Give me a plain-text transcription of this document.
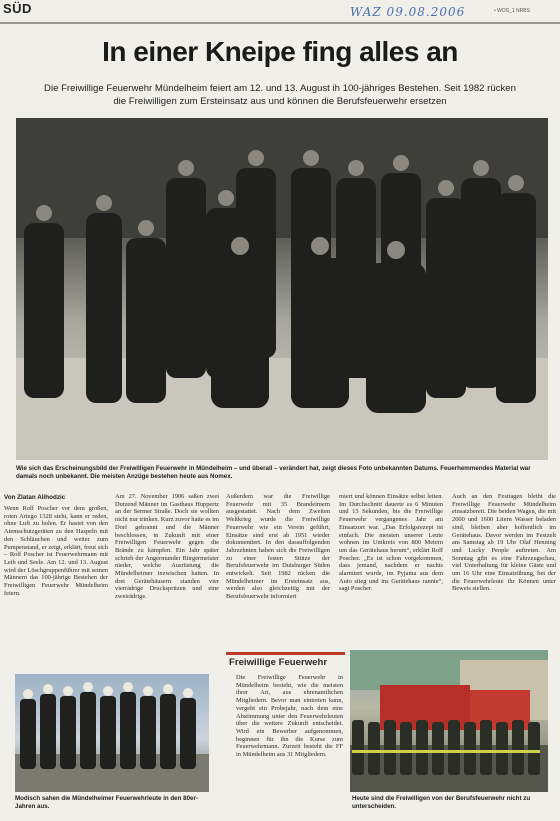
SÜD	WAZ 09.08.2006	• WOS_1 NRBS
In einer Kneipe fing alles an
Die Freiwillige Feuerwehr Mündelheim feiert am 12. und 13. August ih 100-jähriges Bestehen. Seit 1982 rücken die Freiwilligen zum Ersteinsatz aus und können die Berufsfeuerwehr ersetzen
Wie sich das Erscheinungsbild der Freiwilligen Feuerwehr in Mündelheim – und überall – verändert hat, zeigt dieses Foto unbekannten Datums. Feuerhemmendes Material war damals noch unbekannt. Die meisten Anzüge bestehen heute aus Nomex.
Von Zlatan Alihodzic

Wenn Rolf Poscher vor dem großen, roten Artego 1328 steht, kann er reden, ohne Luft zu holen. Er hastet von den Atemschutzgeräten zu den Haspeln mit den Schläuchen und weiter zum Pumpenstand, er zeigt, erklärt, freut sich – Rolf Poscher ist Feuerwehrmann mit Leib und Seele. Am 12. und 13. August wird der Löschgruppenführer mit seinen Männern das 100-jährige Bestehen der Freiwilligen Feuerwehr Mündelheim feiern.

Am 27. November 1906 saßen zwei Dutzend Männer im Gasthaus Huppertz an der Sermer Straße. Doch sie wollten nicht nur trinken. Kurz zuvor hatte es im Dorf gebrannt und die Männer beschlossen, in Zukunft mit einer Freiwilligen Feuerwehr gegen die Brände zu kämpfen. Ein Jahr später schrieb der Angermunder Bürgermeister nieder, welche Ausrüstung die Mündelheimer inzwischen hatten. In drei Gerätehäusern standen vier vierrädrige Druckspritzen und eine zweirädrige.

Außerdem war die Freiwillige Feuerwehr mit 35 Brandeimern ausgestattet. Nach dem Zweiten Weltkrieg wurde die Freiwillige Feuerwehr wie ein Verein geführt, Einsätze sind erst ab 1951 wieder dokumentiert. In den darauffolgenden Jahrzehnten haben sich die Freiwilligen zu einer festen Stütze der Berufsfeuerwehr im Duisburger Süden entwickelt. Seit 1982 rücken die Mündelheimer im Ersteinsatz aus, werden also gleichzeitig mit der Berufsfeuerwehr informiert

miert und können Einsätze selbst leiten. Im Durchschnitt dauerte es 6 Minuten und 15 Sekunden, bis die Freiwillige Feuerwehr vergangenes Jahr am Einsatzort war. „Das Erfolgsrezept ist einfach. Die meisten unserer Leute wohnen im Umkreis von 800 Metern um das Gerätehaus herum“, erklärt Rolf Poscher. „Es ist schon vorgekommen, dass jemand, nachdem er nachts alarmiert wurde, im Pyjama aus dem Auto stieg und ins Gerätehaus rannte“, sagt Poscher.

Auch an den Festtagen bleibt die Freiwillige Feuerwehr Mündelheim einsatzbereit. Die beiden Wagen, die mit 2000 und 1600 Litern Wasser beladen sind, bleiben aber hoffentlich im Gerätehaus. Davor werden im Festzelt am Samstag ab 19 Uhr Olaf Henning und Lucky People auftreten. Am Sonntag gibt es eine Fahrzeugschau, viel Unterhaltung für kleine Gäste und um 16 Uhr eine Einsatzübung, bei der die Feuerwehrleute ihr Können unter Beweis stellen.

Modisch sahen die Mündelheimer Feuerwehrleute in den 80er-Jahren aus.
Freiwillige Feuerwehr

Die Freiwillige Feuerwehr in Mündelheim besteht, wie die meisten ihrer Art, aus ehrenamtlichen Mitgliedern. Bevor man eintreten kann, vergeht ein Probejahr, nach dem eine Abstimmung unter den Feuerwehrleuten über die weitere Zukunft entscheidet. Wird ein Bewerber aufgenommen, beginnen für ihn die Kurse zum Feuerwehrmann. Zurzeit besteht die FF in Mündelheim aus 31 Mitgliedern.

Heute sind die Freiwilligen von der Berufsfeuerwehr nicht zu unterscheiden.
